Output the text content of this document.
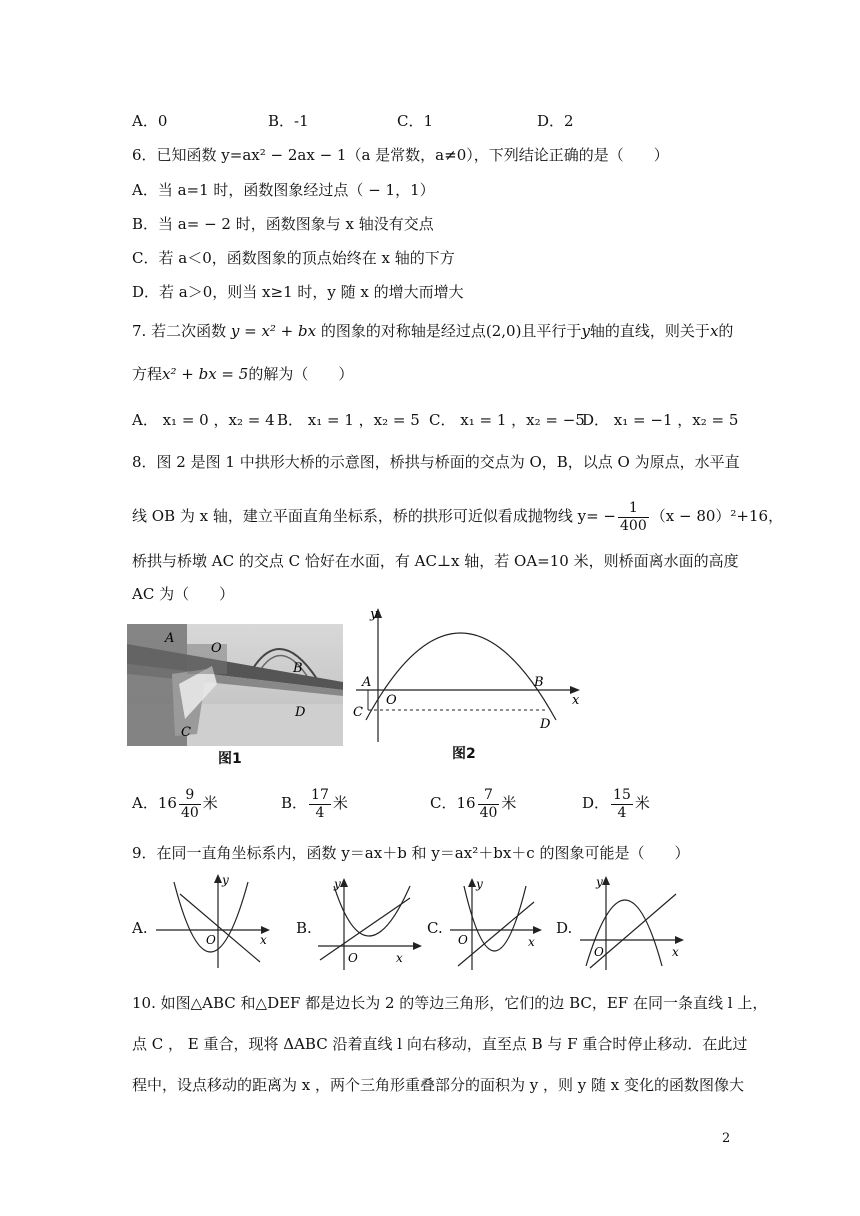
A．0	B．-1	C．1	D．2
6．已知函数 y=ax² − 2ax − 1（a 是常数，a≠0），下列结论正确的是（　　）
A．当 a=1 时，函数图象经过点（ − 1，1）
B．当 a= − 2 时，函数图象与 x 轴没有交点
C．若 a＜0，函数图象的顶点始终在 x 轴的下方
D．若 a＞0，则当 x≥1 时，y 随 x 的增大而增大
7. 若二次函数 y = x² + bx 的图象的对称轴是经过点(2,0)且平行于y轴的直线，则关于x的
方程x² + bx = 5的解为（　　）
A． x₁ = 0 ，x₂ = 4 B． x₁ = 1 ，x₂ = 5 C． x₁ = 1 ，x₂ = −5
D． x₁ = −1 ，x₂ = 5
8．图 2 是图 1 中拱形大桥的示意图，桥拱与桥面的交点为 O，B，以点 O 为原点，水平直
线 OB 为 x 轴，建立平面直角坐标系，桥的拱形可近似看成抛物线 $y= - \frac{1}{400} (x - 80)^2+16$，
桥拱与桥墩 AC 的交点 C 恰好在水面，有 AC⊥x 轴，若 OA=10 米，则桥面离水面的高度
AC 为（　　）
A
O
B
D
C
图1
y
x
A
O
B
C
D
图2
A．$16 \frac{9}{40}$ 米	B． $\frac{17}{4}$ 米	C．$16 \frac{7}{40}$ 米	D． $\frac{15}{4}$ 米
9．在同一直角坐标系内，函数 y＝ax＋b 和 y＝ax²＋bx＋c 的图象可能是（　　）
A.
y
x
O
B.
y
x
O
C.
y
x
O
D.
y
x
O
10. 如图△ABC 和△DEF 都是边长为 2 的等边三角形，它们的边 BC，EF 在同一条直线 l 上，
点 C ， E 重合，现将 ΔABC 沿着直线 l 向右移动，直至点 B 与 F 重合时停止移动．在此过
程中，设点移动的距离为 x ，两个三角形重叠部分的面积为 y ，则 y 随 x 变化的函数图像大
2
